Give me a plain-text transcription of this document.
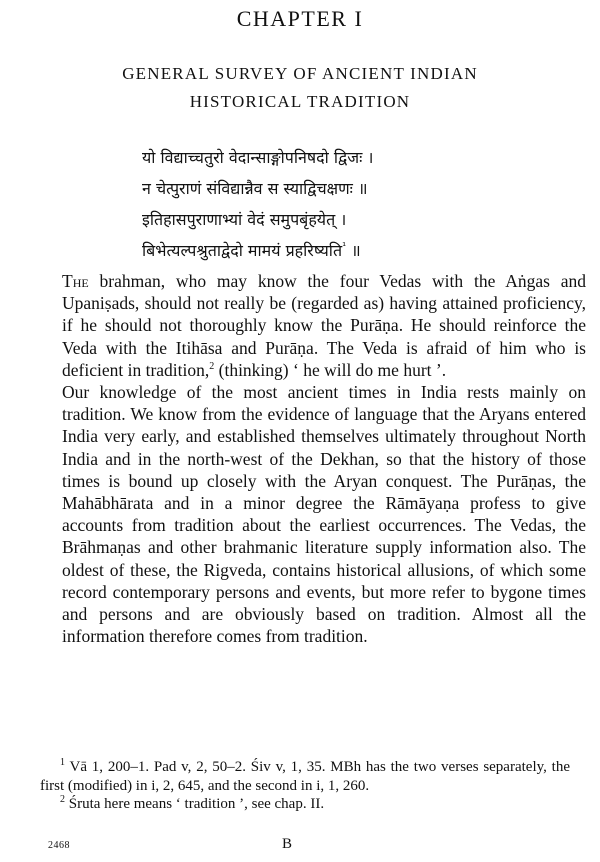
CHAPTER I
GENERAL SURVEY OF ANCIENT INDIAN
HISTORICAL TRADITION
यो विद्याच्चतुरो वेदान्साङ्गोपनिषदो द्विजः ।
न चेत्पुराणं संविद्यान्नैव स स्याद्विचक्षणः ॥
इतिहासपुराणाभ्यां वेदं समुपबृंहयेत् ।
बिभेत्यल्पश्रुताद्वेदो मामयं प्रहरिष्यति$^{^1}$ ॥

The brahman, who may know the four Vedas with the Aṅgas and Upaniṣads, should not really be (regarded as) having attained proficiency, if he should not thoroughly know the Purāṇa. He should reinforce the Veda with the Itihāsa and Purāṇa. The Veda is afraid of him who is deficient in tradition,$^2$ (thinking) ‘ he will do me hurt ’.

Our knowledge of the most ancient times in India rests mainly on tradition. We know from the evidence of language that the Aryans entered India very early, and established themselves ultimately throughout North India and in the north-west of the Dekhan, so that the history of those times is bound up closely with the Aryan conquest. The Purāṇas, the Mahābhārata and in a minor degree the Rāmāyaṇa profess to give accounts from tradition about the earliest occurrences. The Vedas, the Brāhmaṇas and other brahmanic literature supply information also. The oldest of these, the Rigveda, contains historical allusions, of which some record contemporary persons and events, but more refer to bygone times and persons and are obviously based on tradition. Almost all the information therefore comes from tradition.

$^1$ Vā 1, 200–1. Pad v, 2, 50–2. Śiv v, 1, 35. MBh has the two verses separately, the first (modified) in i, 2, 645, and the second in i, 1, 260.

$^2$ Śruta here means ‘ tradition ’, see chap. II.

2468	B
